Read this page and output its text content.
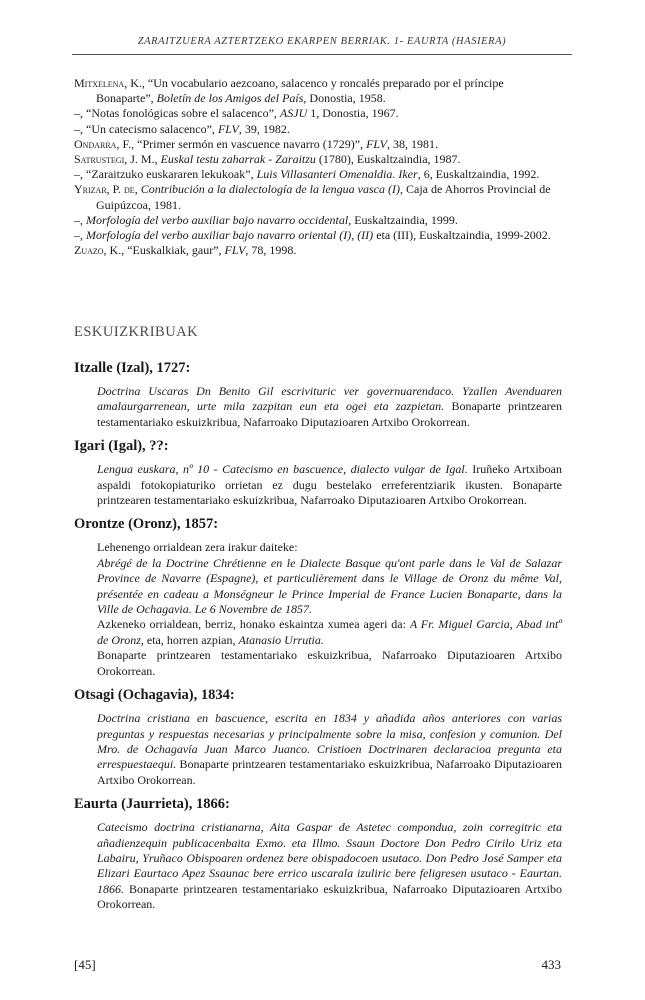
ZARAITZUERA AZTERTZEKO EKARPEN BERRIAK. 1- EAURTA (HASIERA)

Mitxelena, K., “Un vocabulario aezcoano, salacenco y roncalés preparado por el príncipe Bonaparte”, Boletín de los Amigos del País, Donostia, 1958.

–, “Notas fonológicas sobre el salacenco”, ASJU 1, Donostia, 1967.

–, “Un catecismo salacenco”, FLV, 39, 1982.

Ondarra, F., “Primer sermón en vascuence navarro (1729)”, FLV, 38, 1981.

Satrustegi, J. M., Euskal testu zaharrak - Zaraitzu (1780), Euskaltzaindia, 1987.

–, “Zaraitzuko euskararen lekukoak”, Luis Villasanteri Omenaldia. Iker, 6, Euskaltzaindia, 1992.

Yrizar, P. de, Contribución a la dialectología de la lengua vasca (I), Caja de Ahorros Provincial de Guipúzcoa, 1981.

–, Morfología del verbo auxiliar bajo navarro occidental, Euskaltzaindia, 1999.

–, Morfología del verbo auxiliar bajo navarro oriental (I), (II) eta (III), Euskaltzaindia, 1999-2002.

Zuazo, K., “Euskalkiak, gaur”, FLV, 78, 1998.

ESKUIZKRIBUAK
Itzalle (Izal), 1727:
Doctrina Uscaras Dn Benito Gil escrivituric ver governuarendaco. Yzallen Avenduaren amalaurgarrenean, urte mila zazpitan eun eta ogei eta zazpietan. Bonaparte printzearen testamentariako eskuizkribua, Nafarroako Diputazioaren Artxibo Orokorrean.
Igari (Igal), ??:
Lengua euskara, nº 10 - Catecismo en bascuence, dialecto vulgar de Igal. Iruñeko Artxiboan aspaldi fotokopiaturiko orrietan ez dugu bestelako erreferentziarik ikusten. Bonaparte printzearen testamentariako eskuizkribua, Nafarroako Diputazioaren Artxibo Orokorrean.
Orontze (Oronz), 1857:
Lehenengo orrialdean zera irakur daiteke:
Abrégé de la Doctrine Chrétienne en le Dialecte Basque qu'ont parle dans le Val de Salazar Province de Navarre (Espagne), et particulièrement dans le Village de Oronz du même Val, présentée en cadeau a Monségneur le Prince Imperial de France Lucien Bonaparte, dans la Ville de Ochagavia. Le 6 Novembre de 1857.
Azkeneko orrialdean, berriz, honako eskaintza xumea ageri da: A Fr. Miguel Garcia, Abad intº de Oronz, eta, horren azpian, Atanasio Urrutia.
Bonaparte printzearen testamentariako eskuizkribua, Nafarroako Diputazioaren Artxibo Orokorrean.
Otsagi (Ochagavia), 1834:
Doctrina cristiana en bascuence, escrita en 1834 y añadida años anteriores con varias preguntas y respuestas necesarias y principalmente sobre la misa, confesion y comunion. Del Mro. de Ochagavía Juan Marco Juanco. Cristioen Doctrinaren declaracioa pregunta eta errespuestaequi. Bonaparte printzearen testamentariako eskuizkribua, Nafarroako Diputazioaren Artxibo Orokorrean.
Eaurta (Jaurrieta), 1866:
Catecismo doctrina cristianarna, Aita Gaspar de Astetec compondua, zoin corregitric eta añadienzequin publicacenbaita Exmo. eta Illmo. Ssaun Doctore Don Pedro Cirilo Uriz eta Labairu, Yruñaco Obispoaren ordenez bere obispadocoen usutaco. Don Pedro José Samper eta Elizari Eaurtaco Apez Ssaunac bere errico uscarala izuliric bere feligresen usutaco - Eaurtan. 1866. Bonaparte printzearen testamentariako eskuizkribua, Nafarroako Diputazioaren Artxibo Orokorrean.
[45]	433
